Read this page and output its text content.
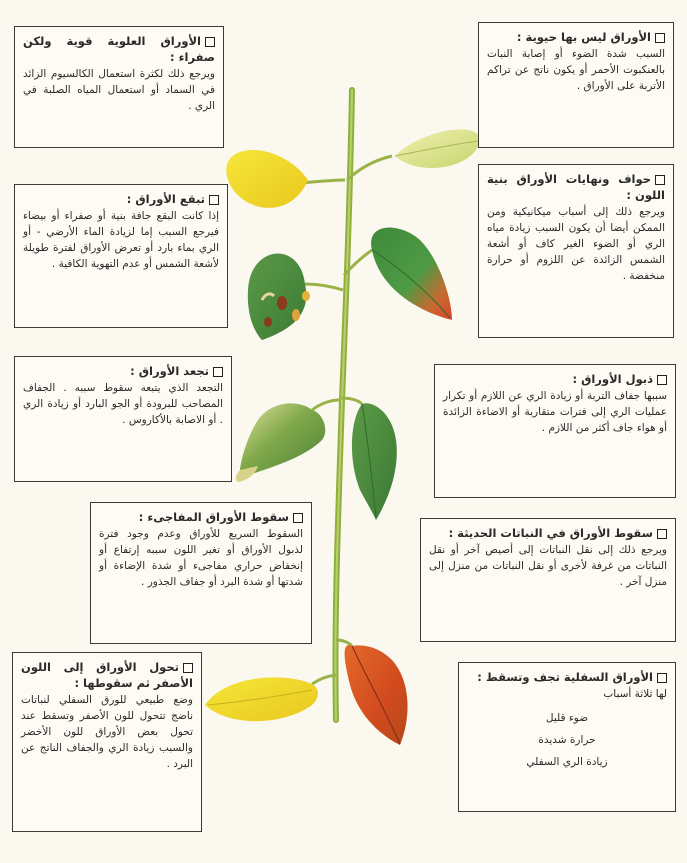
الأوراق العلوية قوية ولكن صفراء :
ويرجع ذلك لكثرة استعمال الكالسيوم الزائد في السماد أو استعمال المياه الصلبة في الري .
الأوراق ليس بها حيوية :
السبب شدة الضوء أو إصابة النبات بالعنكبوت الأحمر أو يكون ناتج عن تراكم الأتربة على الأوراق .
تبقع الأوراق :
إذا كانت البقع جافة بنية أو صفراء أو بيضاء فيرجع السبب إما لزيادة الماء الأرضي - أو الري بماء بارد أو تعرض الأوراق لفترة طويلة لأشعة الشمس أو عدم التهوية الكافية .
حواف ونهايات الأوراق بنية اللون :
ويرجع ذلك إلى أسباب ميكانيكية ومن الممكن أيضا أن يكون السبب زيادة مياه الري أو الضوء الغير كاف أو أشعة الشمس الزائدة عن اللزوم أو حرارة منخفضة .
تجعد الأوراق :
التجعد الذي يتبعه سقوط سببه . الجفاف المصاحب للبرودة أو الجو البارد أو زيادة الري . أو الاصابة بالأكاروس .
ذبول الأوراق :
سببها جفاف التربة أو زيادة الري عن اللازم أو تكرار عمليات الري إلى فترات متقاربة أو الاضاءة الزائدة أو هواء جاف أكثر من اللازم .
سقوط الأوراق المفاجىء :
السقوط السريع للأوراق وعدم وجود فترة لذبول الأوراق أو تغير اللون سببه إرتفاع أو إنخفاض حراري مفاجىء أو شدة الإضاءة أو شدتها أو شدة البرد أو جفاف الجذور .
سقوط الأوراق في النباتات الحديثة :
ويرجع ذلك إلى نقل النباتات إلى أصيص آخر أو نقل النباتات من غرفة لأخرى أو نقل النباتات من منزل إلى منزل آخر .
تحول الأوراق إلى اللون الأصفر ثم سقوطها :
وضع طبيعي للورق السفلي لنباتات ناضج تتحول للون الأصفر وتسقط عند تحول بعض الأوراق للون الأخضر والسبب زيادة الري والجفاف الناتج عن البرد .
الأوراق السفلية تجف وتسقط :
لها ثلاثة أسباب
ضوء قليل
حرارة شديدة
زيادة الري السفلي
